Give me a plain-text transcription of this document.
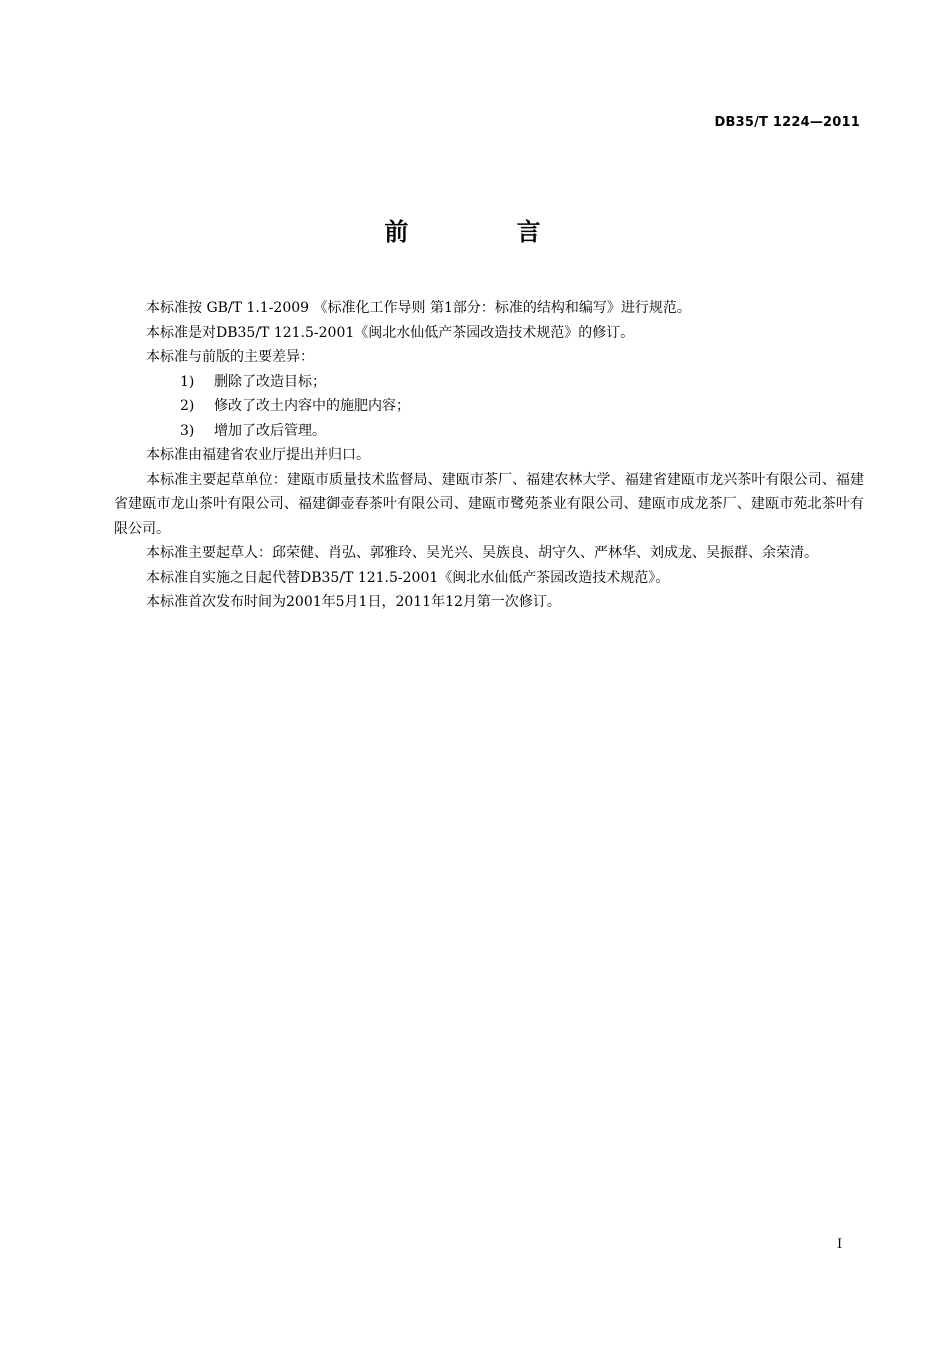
DB35/T 1224—2011
前 言

本标准按 GB/T 1.1-2009 《标准化工作导则 第1部分：标准的结构和编写》进行规范。

本标准是对DB35/T 121.5-2001《闽北水仙低产茶园改造技术规范》的修订。

本标准与前版的主要差异：

1) 删除了改造目标；

2) 修改了改土内容中的施肥内容；

3) 增加了改后管理。

本标准由福建省农业厅提出并归口。

本标准主要起草单位：建瓯市质量技术监督局、建瓯市茶厂、福建农林大学、福建省建瓯市龙兴茶叶有限公司、福建省建瓯市龙山茶叶有限公司、福建御壶春茶叶有限公司、建瓯市鹭苑茶业有限公司、建瓯市成龙茶厂、建瓯市苑北茶叶有限公司。

本标准主要起草人：邱荣健、肖弘、郭雅玲、吴光兴、吴族良、胡守久、严林华、刘成龙、吴振群、余荣清。

本标准自实施之日起代替DB35/T 121.5-2001《闽北水仙低产茶园改造技术规范》。

本标准首次发布时间为2001年5月1日，2011年12月第一次修订。

I
